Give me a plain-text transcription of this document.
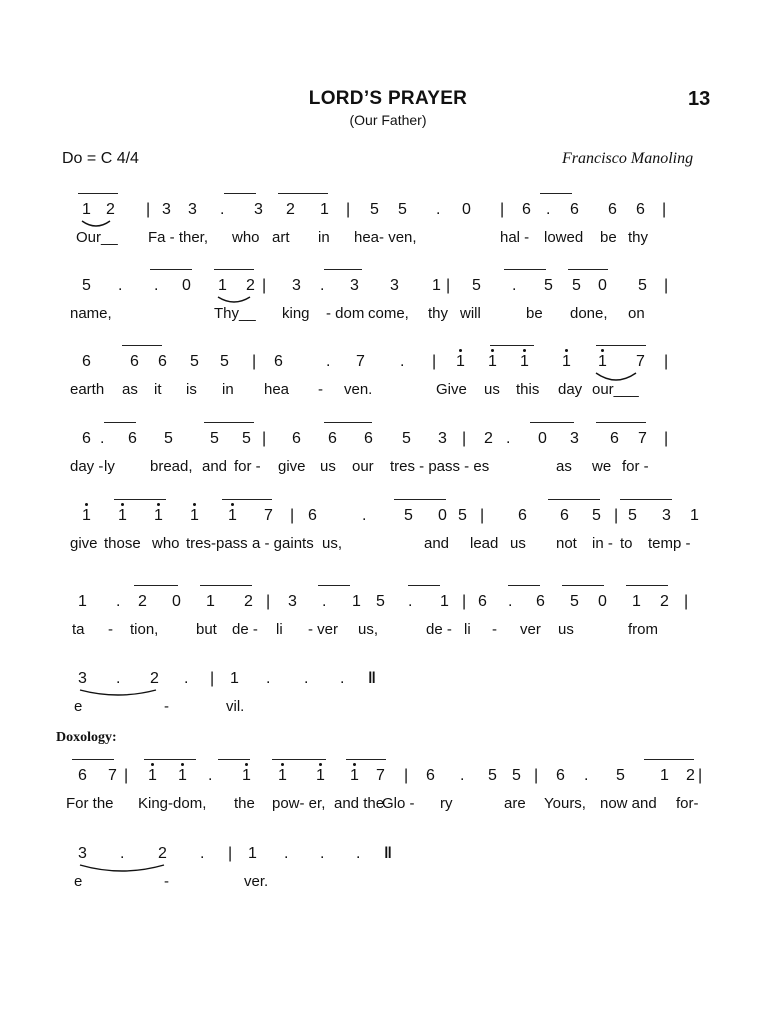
LORD’S PRAYER
(Our Father)
13
Do = C 4/4	Francisco Manoling
Doxology:
1 2 | 3 3 . 3 2 1 | 5 5 . 0 | 6 . 6 6 6 |
Our__ Fa - ther, who art in hea- ven,	hal - lowed be thy
5 . . 0 1 2 | 3 . 3 3 1 | 5 . 5 5 0 5 |
name,	Thy__ king - dom come, thy will	be done, on
6 6 6 5 5 | 6	. 7 . | 1 1 1 1 1 7 |
earth as it is in hea - ven.	Give us this day our___
6 . 6 5 5 5 | 6 6 6 5 3 | 2 . 0 3 6 7 |
day - ly bread, and for - give us our tres - pass - es	as we for -
1 1 1 1 1 7 | 6	. 5 0 5 | 6 6 5 5 3 1
|
give those who tres-pass a - gaints us,	and lead us not in - to temp -
1 . 2 0 1 2 | 3 . 1 5 . 1 | 6 . 6 5 0 1 2 |
ta - tion,	but de - li - ver us,	de - li - ver us	from
3 . 2 . | 1 . . . ‖
e	-	vil.
6 7 | 1 1 . 1 1 1 1 7 | 6 . 5 5 | 6 . 5 1 2 |
For the King-dom, the pow- er, and the
Glo - ry	are Yours, now and for-
3 . 2 . | 1 . . . ‖
e	-	ver.
